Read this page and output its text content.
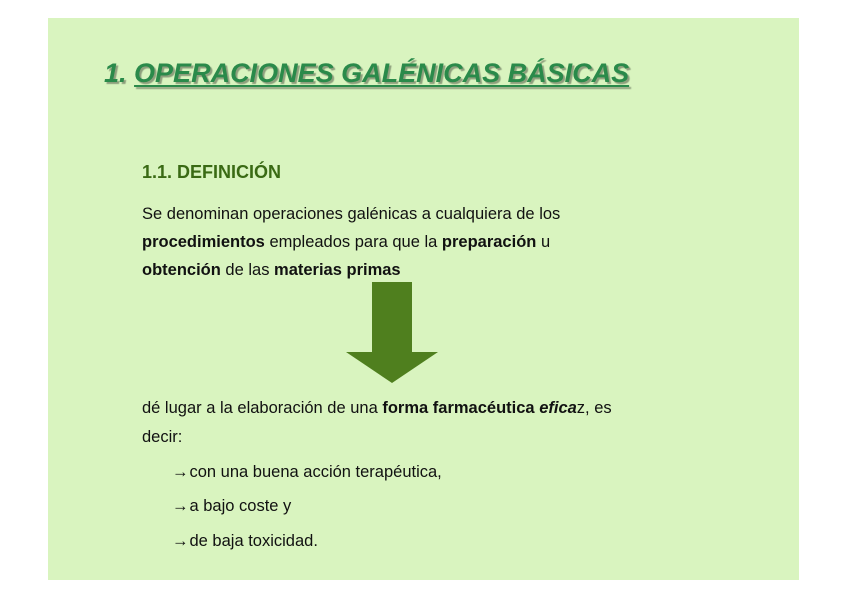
1. OPERACIONES GALÉNICAS BÁSICAS
1.1. DEFINICIÓN
Se denominan operaciones galénicas a cualquiera de los
procedimientos empleados para que la preparación u
obtención de las materias primas
dé lugar a la elaboración de una forma farmacéutica eficaz, es
decir:
→con una buena acción terapéutica,
→a bajo coste y
→de baja toxicidad.
